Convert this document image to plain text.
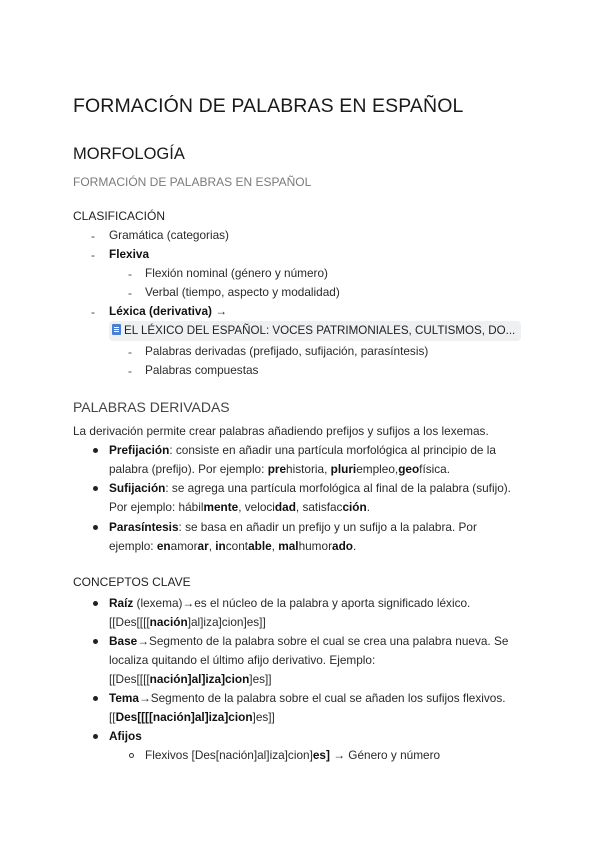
FORMACIÓN DE PALABRAS EN ESPAÑOL
MORFOLOGÍA
FORMACIÓN DE PALABRAS EN ESPAÑOL
CLASIFICACIÓN
- Gramática (categorias)
- Flexiva
- Flexión nominal (género y número)
- Verbal (tiempo, aspecto y modalidad)
- Léxica (derivativa) →
EL LÉXICO DEL ESPAÑOL: VOCES PATRIMONIALES, CULTISMOS, DO...
- Palabras derivadas (prefijado, sufijación, parasíntesis)
- Palabras compuestas
PALABRAS DERIVADAS
La derivación permite crear palabras añadiendo prefijos y sufijos a los lexemas.
Prefijación: consiste en añadir una partícula morfológica al principio de la
palabra (prefijo). Por ejemplo: prehistoria, pluriempleo,geofísica.
Sufijación: se agrega una partícula morfológica al final de la palabra (sufijo).
Por ejemplo: hábilmente, velocidad, satisfacción.
Parasíntesis: se basa en añadir un prefijo y un sufijo a la palabra. Por
ejemplo: enamorar, incontable, malhumorado.
CONCEPTOS CLAVE
Raíz (lexema)→es el núcleo de la palabra y aporta significado léxico.
[[Des[[[[nación]al]iza]cion]es]]
Base→Segmento de la palabra sobre el cual se crea una palabra nueva. Se
localiza quitando el último afijo derivativo. Ejemplo:
[[Des[[[[nación]al]iza]cion]es]]
Tema→Segmento de la palabra sobre el cual se añaden los sufijos flexivos.
[[Des[[[[nación]al]iza]cion]es]]
Afijos
Flexivos [Des[nación]al]iza]cion]es] → Género y número
